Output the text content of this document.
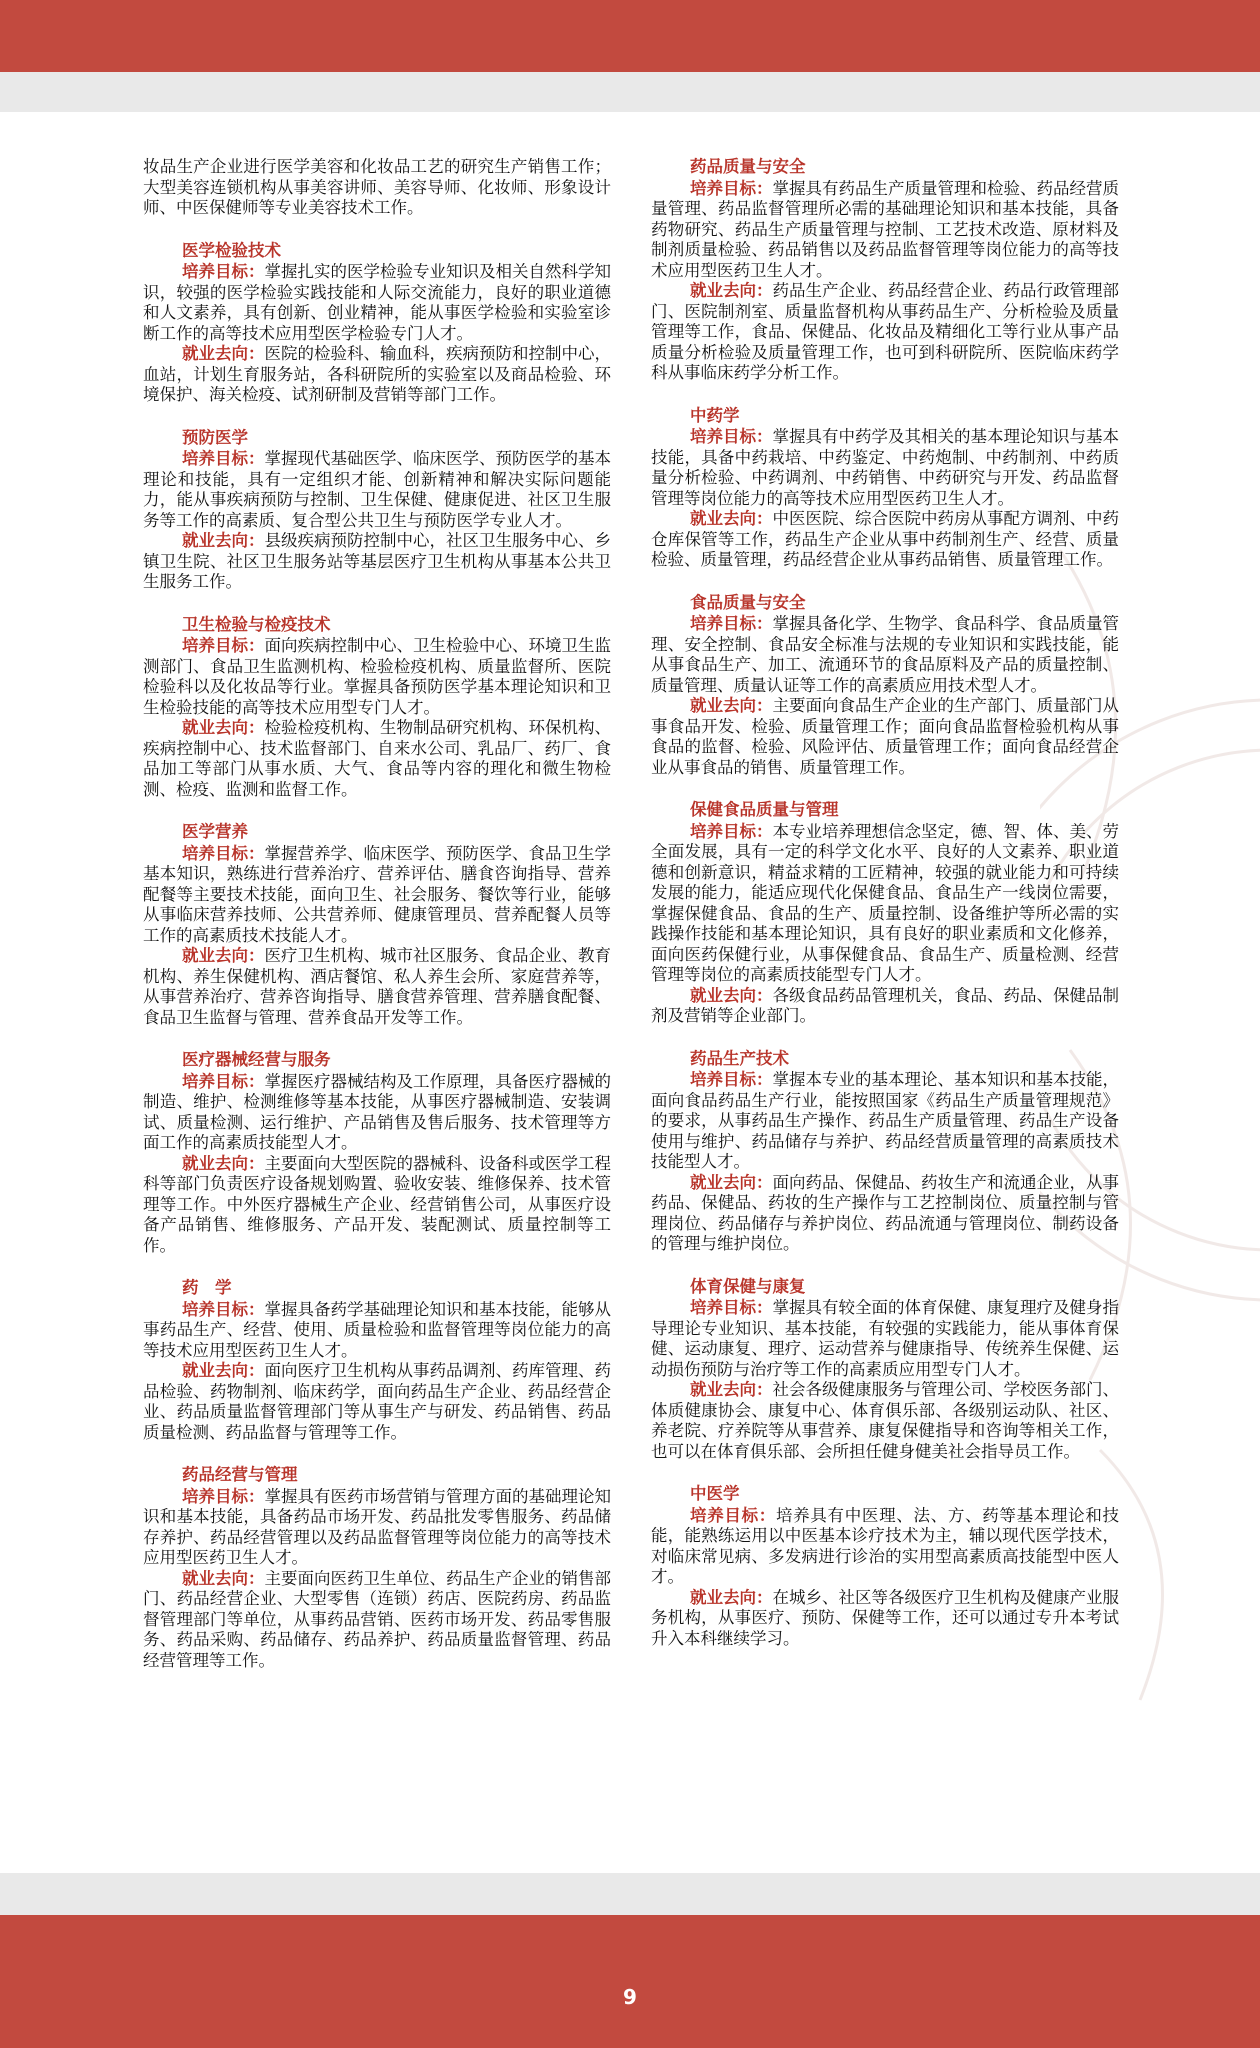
妆品生产企业进行医学美容和化妆品工艺的研究生产销售工作；大型美容连锁机构从事美容讲师、美容导师、化妆师、形象设计师、中医保健师等专业美容技术工作。
医学检验技术
培养目标：掌握扎实的医学检验专业知识及相关自然科学知识，较强的医学检验实践技能和人际交流能力，良好的职业道德和人文素养，具有创新、创业精神，能从事医学检验和实验室诊断工作的高等技术应用型医学检验专门人才。
就业去向：医院的检验科、输血科，疾病预防和控制中心，血站，计划生育服务站，各科研院所的实验室以及商品检验、环境保护、海关检疫、试剂研制及营销等部门工作。
预防医学
培养目标：掌握现代基础医学、临床医学、预防医学的基本理论和技能，具有一定组织才能、创新精神和解决实际问题能力，能从事疾病预防与控制、卫生保健、健康促进、社区卫生服务等工作的高素质、复合型公共卫生与预防医学专业人才。
就业去向：县级疾病预防控制中心，社区卫生服务中心、乡镇卫生院、社区卫生服务站等基层医疗卫生机构从事基本公共卫生服务工作。
卫生检验与检疫技术
培养目标：面向疾病控制中心、卫生检验中心、环境卫生监测部门、食品卫生监测机构、检验检疫机构、质量监督所、医院检验科以及化妆品等行业。掌握具备预防医学基本理论知识和卫生检验技能的高等技术应用型专门人才。
就业去向：检验检疫机构、生物制品研究机构、环保机构、疾病控制中心、技术监督部门、自来水公司、乳品厂、药厂、食品加工等部门从事水质、大气、食品等内容的理化和微生物检测、检疫、监测和监督工作。
医学营养
培养目标：掌握营养学、临床医学、预防医学、食品卫生学基本知识，熟练进行营养治疗、营养评估、膳食咨询指导、营养配餐等主要技术技能，面向卫生、社会服务、餐饮等行业，能够从事临床营养技师、公共营养师、健康管理员、营养配餐人员等工作的高素质技术技能人才。
就业去向：医疗卫生机构、城市社区服务、食品企业、教育机构、养生保健机构、酒店餐馆、私人养生会所、家庭营养等，从事营养治疗、营养咨询指导、膳食营养管理、营养膳食配餐、食品卫生监督与管理、营养食品开发等工作。
医疗器械经营与服务
培养目标：掌握医疗器械结构及工作原理，具备医疗器械的制造、维护、检测维修等基本技能，从事医疗器械制造、安装调试、质量检测、运行维护、产品销售及售后服务、技术管理等方面工作的高素质技能型人才。
就业去向：主要面向大型医院的器械科、设备科或医学工程科等部门负责医疗设备规划购置、验收安装、维修保养、技术管理等工作。中外医疗器械生产企业、经营销售公司，从事医疗设备产品销售、维修服务、产品开发、装配测试、质量控制等工作。
药　学
培养目标：掌握具备药学基础理论知识和基本技能，能够从事药品生产、经营、使用、质量检验和监督管理等岗位能力的高等技术应用型医药卫生人才。
就业去向：面向医疗卫生机构从事药品调剂、药库管理、药品检验、药物制剂、临床药学，面向药品生产企业、药品经营企业、药品质量监督管理部门等从事生产与研发、药品销售、药品质量检测、药品监督与管理等工作。
药品经营与管理
培养目标：掌握具有医药市场营销与管理方面的基础理论知识和基本技能，具备药品市场开发、药品批发零售服务、药品储存养护、药品经营管理以及药品监督管理等岗位能力的高等技术应用型医药卫生人才。
就业去向：主要面向医药卫生单位、药品生产企业的销售部门、药品经营企业、大型零售（连锁）药店、医院药房、药品监督管理部门等单位，从事药品营销、医药市场开发、药品零售服务、药品采购、药品储存、药品养护、药品质量监督管理、药品经营管理等工作。
药品质量与安全
培养目标：掌握具有药品生产质量管理和检验、药品经营质量管理、药品监督管理所必需的基础理论知识和基本技能，具备药物研究、药品生产质量管理与控制、工艺技术改造、原材料及制剂质量检验、药品销售以及药品监督管理等岗位能力的高等技术应用型医药卫生人才。
就业去向：药品生产企业、药品经营企业、药品行政管理部门、医院制剂室、质量监督机构从事药品生产、分析检验及质量管理等工作，食品、保健品、化妆品及精细化工等行业从事产品质量分析检验及质量管理工作，也可到科研院所、医院临床药学科从事临床药学分析工作。
中药学
培养目标：掌握具有中药学及其相关的基本理论知识与基本技能，具备中药栽培、中药鉴定、中药炮制、中药制剂、中药质量分析检验、中药调剂、中药销售、中药研究与开发、药品监督管理等岗位能力的高等技术应用型医药卫生人才。
就业去向：中医医院、综合医院中药房从事配方调剂、中药仓库保管等工作，药品生产企业从事中药制剂生产、经营、质量检验、质量管理，药品经营企业从事药品销售、质量管理工作。
食品质量与安全
培养目标：掌握具备化学、生物学、食品科学、食品质量管理、安全控制、食品安全标准与法规的专业知识和实践技能，能从事食品生产、加工、流通环节的食品原料及产品的质量控制、质量管理、质量认证等工作的高素质应用技术型人才。
就业去向：主要面向食品生产企业的生产部门、质量部门从事食品开发、检验、质量管理工作；面向食品监督检验机构从事食品的监督、检验、风险评估、质量管理工作；面向食品经营企业从事食品的销售、质量管理工作。
保健食品质量与管理
培养目标：本专业培养理想信念坚定，德、智、体、美、劳全面发展，具有一定的科学文化水平、良好的人文素养、职业道德和创新意识，精益求精的工匠精神，较强的就业能力和可持续发展的能力，能适应现代化保健食品、食品生产一线岗位需要，掌握保健食品、食品的生产、质量控制、设备维护等所必需的实践操作技能和基本理论知识，具有良好的职业素质和文化修养，面向医药保健行业，从事保健食品、食品生产、质量检测、经营管理等岗位的高素质技能型专门人才。
就业去向：各级食品药品管理机关，食品、药品、保健品制剂及营销等企业部门。
药品生产技术
培养目标：掌握本专业的基本理论、基本知识和基本技能，面向食品药品生产行业，能按照国家《药品生产质量管理规范》的要求，从事药品生产操作、药品生产质量管理、药品生产设备使用与维护、药品储存与养护、药品经营质量管理的高素质技术技能型人才。
就业去向：面向药品、保健品、药妆生产和流通企业，从事药品、保健品、药妆的生产操作与工艺控制岗位、质量控制与管理岗位、药品储存与养护岗位、药品流通与管理岗位、制药设备的管理与维护岗位。
体育保健与康复
培养目标：掌握具有较全面的体育保健、康复理疗及健身指导理论专业知识、基本技能，有较强的实践能力，能从事体育保健、运动康复、理疗、运动营养与健康指导、传统养生保健、运动损伤预防与治疗等工作的高素质应用型专门人才。
就业去向：社会各级健康服务与管理公司、学校医务部门、体质健康协会、康复中心、体育俱乐部、各级别运动队、社区、养老院、疗养院等从事营养、康复保健指导和咨询等相关工作，也可以在体育俱乐部、会所担任健身健美社会指导员工作。
中医学
培养目标：培养具有中医理、法、方、药等基本理论和技能，能熟练运用以中医基本诊疗技术为主，辅以现代医学技术，对临床常见病、多发病进行诊治的实用型高素质高技能型中医人才。
就业去向：在城乡、社区等各级医疗卫生机构及健康产业服务机构，从事医疗、预防、保健等工作，还可以通过专升本考试升入本科继续学习。
9
